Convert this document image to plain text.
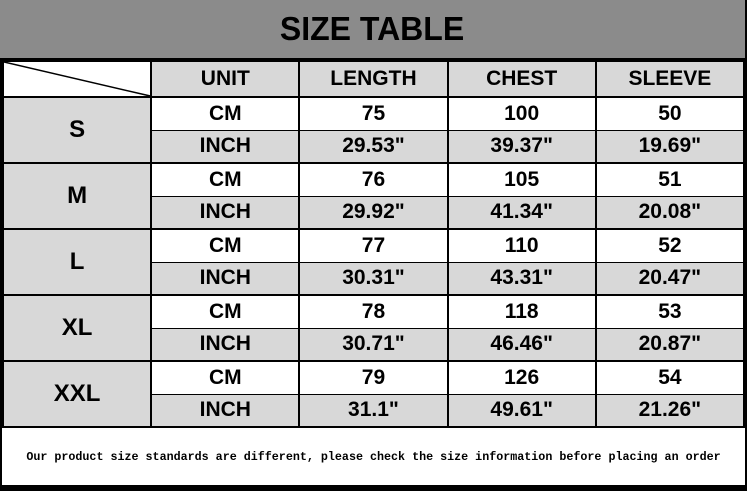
SIZE TABLE
	UNIT	LENGTH	CHEST	SLEEVE
S	CM	75	100	50
	INCH	29.53"	39.37"	19.69"
M	CM	76	105	51
	INCH	29.92"	41.34"	20.08"
L	CM	77	110	52
	INCH	30.31"	43.31"	20.47"
XL	CM	78	118	53
	INCH	30.71"	46.46"	20.87"
XXL	CM	79	126	54
	INCH	31.1"	49.61"	21.26"
Our product size standards are different, please check the size information before placing an order
